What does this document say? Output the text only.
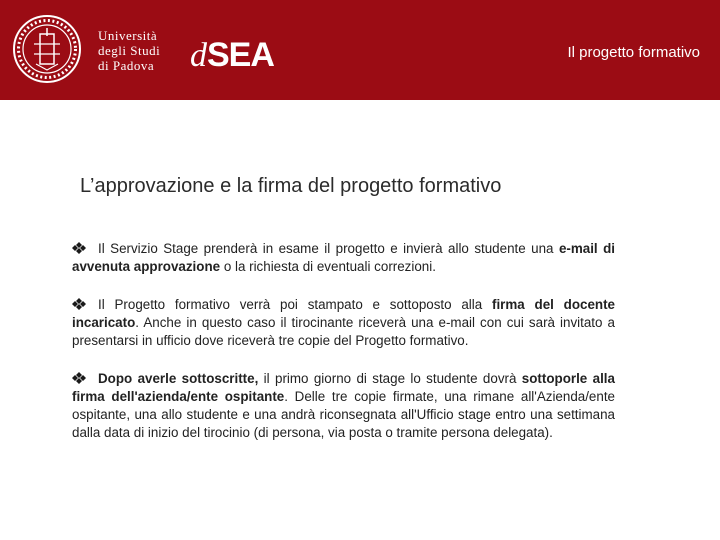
Università
degli Studi
di Padova dSEA	Il progetto formativo
L’approvazione e la firma del progetto formativo

Il Servizio Stage prenderà in esame il progetto e invierà allo studente una e-mail di avvenuta approvazione o la richiesta di eventuali correzioni.

Il Progetto formativo verrà poi stampato e sottoposto alla firma del docente incaricato. Anche in questo caso il tirocinante riceverà una e-mail con cui sarà invitato a presentarsi in ufficio dove riceverà tre copie del Progetto formativo.

Dopo averle sottoscritte, il primo giorno di stage lo studente dovrà sottoporle alla firma dell'azienda/ente ospitante. Delle tre copie firmate, una rimane all'Azienda/ente ospitante, una allo studente e una andrà riconsegnata all'Ufficio stage entro una settimana dalla data di inizio del tirocinio (di persona, via posta o tramite persona delegata).
